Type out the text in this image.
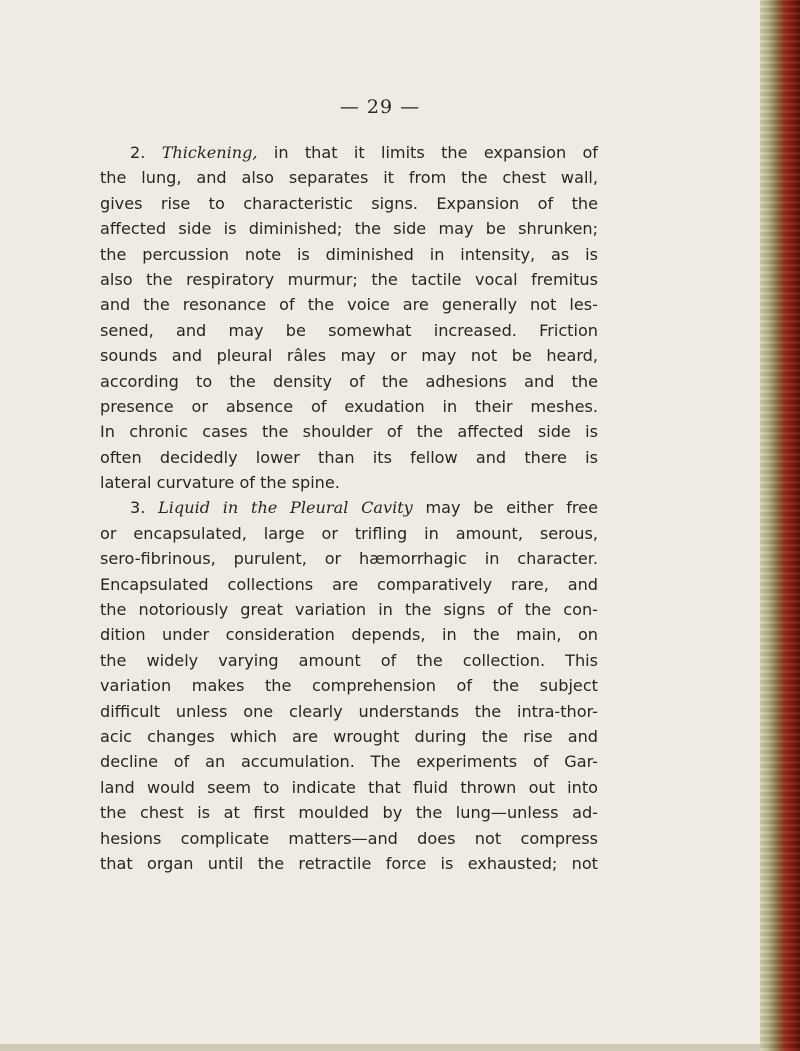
— 29 —
2. Thickening, in that it limits the expansion of
the lung, and also separates it from the chest wall,
gives rise to characteristic signs. Expansion of the
affected side is diminished; the side may be shrunken;
the percussion note is diminished in intensity, as is
also the respiratory murmur; the tactile vocal fremitus
and the resonance of the voice are generally not les-
sened, and may be somewhat increased. Friction
sounds and pleural râles may or may not be heard,
according to the density of the adhesions and the
presence or absence of exudation in their meshes.
In chronic cases the shoulder of the affected side is
often decidedly lower than its fellow and there is
lateral curvature of the spine.
3. Liquid in the Pleural Cavity may be either free
or encapsulated, large or trifling in amount, serous,
sero-fibrinous, purulent, or hæmorrhagic in character.
Encapsulated collections are comparatively rare, and
the notoriously great variation in the signs of the con-
dition under consideration depends, in the main, on
the widely varying amount of the collection. This
variation makes the comprehension of the subject
difficult unless one clearly understands the intra-thor-
acic changes which are wrought during the rise and
decline of an accumulation. The experiments of Gar-
land would seem to indicate that fluid thrown out into
the chest is at first moulded by the lung—unless ad-
hesions complicate matters—and does not compress
that organ until the retractile force is exhausted; not
